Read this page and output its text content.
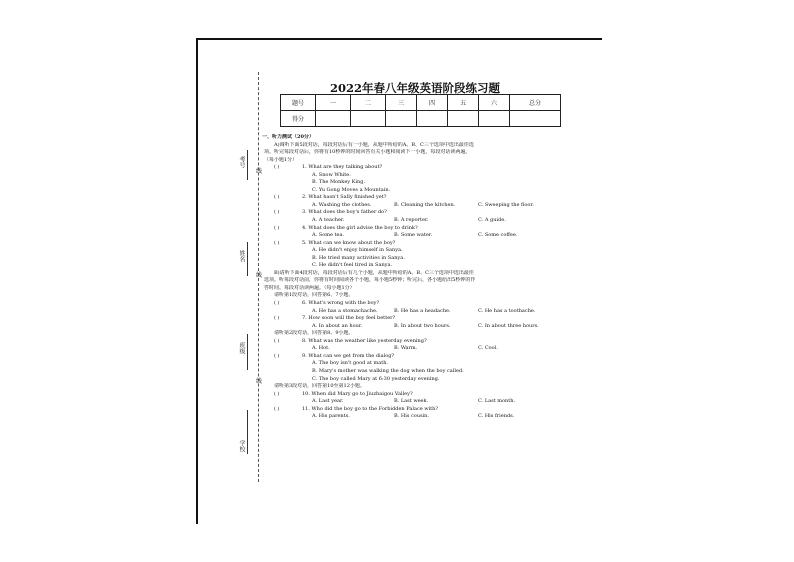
考号
姓名
班级
学校
线
线
线
2022年春八年级英语阶段练习题
题号	一	二	三	四	五	六	总分
得分							
一、听力测试（20分）
A)调听下面5段对话，每段对话后有一小题，从题中所给的A、B、C三个选项中选出最佳选
项。听完每段对话后，你将有10秒钟的时间回答有关小题和阅读下一小题，每段对话读两遍。
（每小题1分）
( )	1. What are they talking about?
A. Snow White.
B. The Monkey King.
C. Yu Gong Moves a Mountain.
( )	2. What hasn't Sally finished yet?
A. Washing the clothes.	B. Cleaning the kitchen.	C. Sweeping the floor.
( )	3. What does the boy's father do?
A. A teacher.	B. A reporter.	C. A guide.
( )	4. What does the girl advise the boy to drink?
A. Some tea.	B. Some water.	C. Some coffee.
( )	5. What can we know about the boy?
A. He didn't enjoy himself in Sanya.
B. He tried many activities in Sanya.
C. He didn't feel tired in Sanya.
B)请听下面4段对话，每段对话后有几个小题，从题中所给的A、B、C三个选项中选出最佳
选项。听每段对话前，你将有时间阅读各个小题，每小题5秒钟；听完后，各小题给出5秒钟的作
答时间。每段对话读两遍。（每小题1分）
请听第1段对话，回答第6、7小题。
( )	6. What's wrong with the boy?
A. He has a stomachache.	B. He has a headache.	C. He has a toothache.
( )	7. How soon will the boy feel better?
A. In about an hour.	B. In about two hours.	C. In about three hours.
请听第2段对话，回答第8、9小题。
( )	8. What was the weather like yesterday evening?
A. Hot.	B. Warm.	C. Cool.
( )	9. What can we get from the dialog?
A. The boy isn't good at math.
B. Mary's mother was walking the dog when the boy called.
C. The boy called Mary at 6:30 yesterday evening.
请听第3段对话，回答第10至第12小题。
( )	10. When did Mary go to Jiuzhaigou Valley?
A. Last year.	B. Last week.	C. Last month.
( )	11. Who did the boy go to the Forbidden Palace with?
A. His parents.	B. His cousin.	C. His friends.
